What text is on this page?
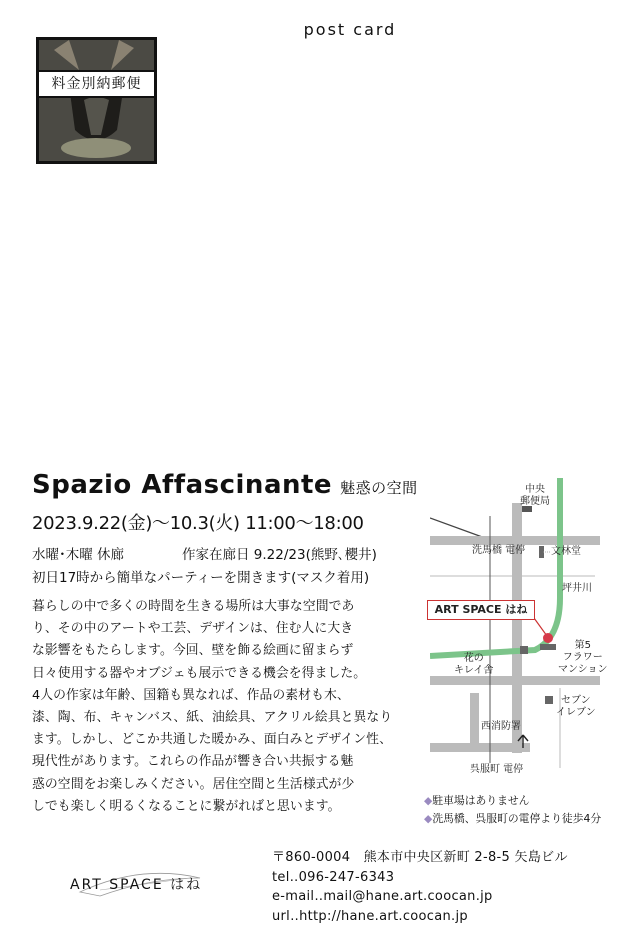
post card
料金別納郵便
Spazio Affascinante 魅惑の空間
2023.9.22(金)〜10.3(火) 11:00〜18:00
水曜･木曜 休廊	作家在廊日 9.22/23(熊野､櫻井)
初日17時から簡単なパーティーを開きます(マスク着用)
暮らしの中で多くの時間を生きる場所は大事な空間であ
り、その中のアートや工芸、デザインは、住む人に大き
な影響をもたらします。今回、壁を飾る絵画に留まらず
日々使用する器やオブジェも展示できる機会を得ました。
4人の作家は年齢、国籍も異なれば、作品の素材も木、
漆、陶、布、キャンバス、紙、油絵具、アクリル絵具と異なり
ます。しかし、どこか共通した暖かみ、面白みとデザイン性、
現代性があります。これらの作品が響き合い共振する魅
惑の空間をお楽しみください。居住空間と生活様式が少
しでも楽しく明るくなることに繋がればと思います。
中央
郵便局
洗馬橋 電停	文林堂
坪井川
ART SPACE はね
花の
キレイ舎
第5
フラワー
マンション
セブン
イレブン
西消防署
呉服町 電停
◆駐車場はありません
◆洗馬橋、呉服町の電停より徒歩4分
ART SPACE はね
〒860-0004　熊本市中央区新町 2-8-5 矢島ビル
tel‥096-247-6343
e-mail‥mail@hane.art.coocan.jp
url‥http://hane.art.coocan.jp
